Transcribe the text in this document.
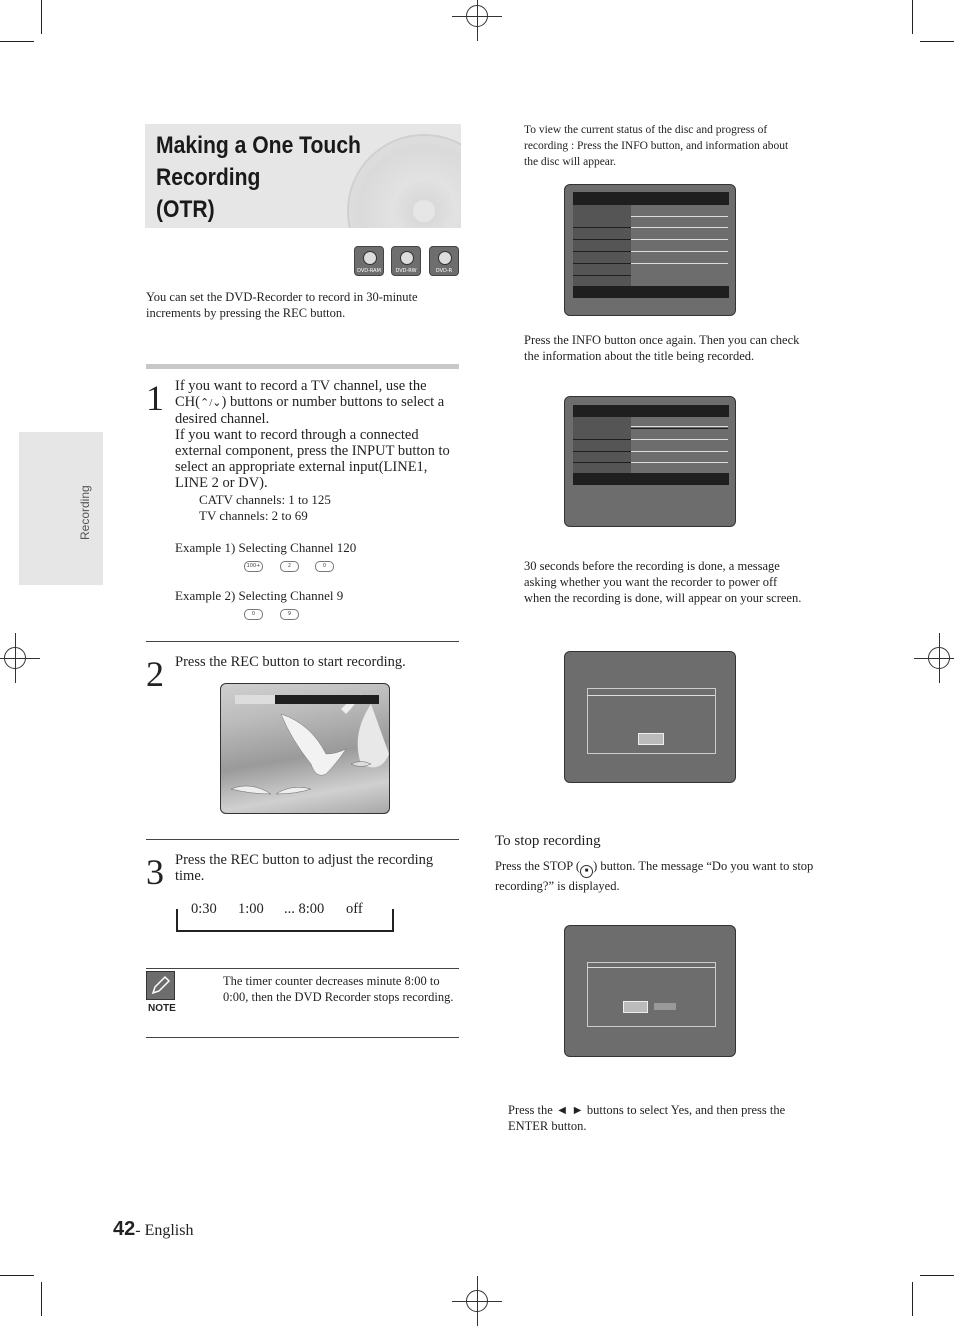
Making a One Touch Recording
(OTR)
DVD-RAM	DVD-RW	DVD-R
You can set the DVD-Recorder to record in 30-minute increments by pressing the REC button.
Recording
1 If you want to record a TV channel, use the CH(⌃/⌄) buttons or number buttons to select a desired channel.
If you want to record through a connected external component, press the INPUT button to select an appropriate external input(LINE1, LINE 2 or DV).
CATV channels: 1 to 125
TV channels: 2 to 69
Example 1) Selecting Channel 120
100+	2	0
Example 2) Selecting Channel 9
0	9
2 Press the REC button to start recording.
3 Press the REC button to adjust the recording time.
0:30 1:00 ... 8:00 off
NOTE
The timer counter decreases minute 8:00 to 0:00, then the DVD Recorder stops recording.
To view the current status of the disc and progress of recording : Press the INFO button, and information about the disc will appear.
Press the INFO button once again. Then you can check the information about the title being recorded.
30 seconds before the recording is done, a message asking whether you want the recorder to power off when the recording is done, will appear on your screen.
To stop recording
Press the STOP ( ■ ) button. The message “Do you want to stop recording?” is displayed.
Press the ◄ ► buttons to select Yes, and then press the ENTER button.
42- English
